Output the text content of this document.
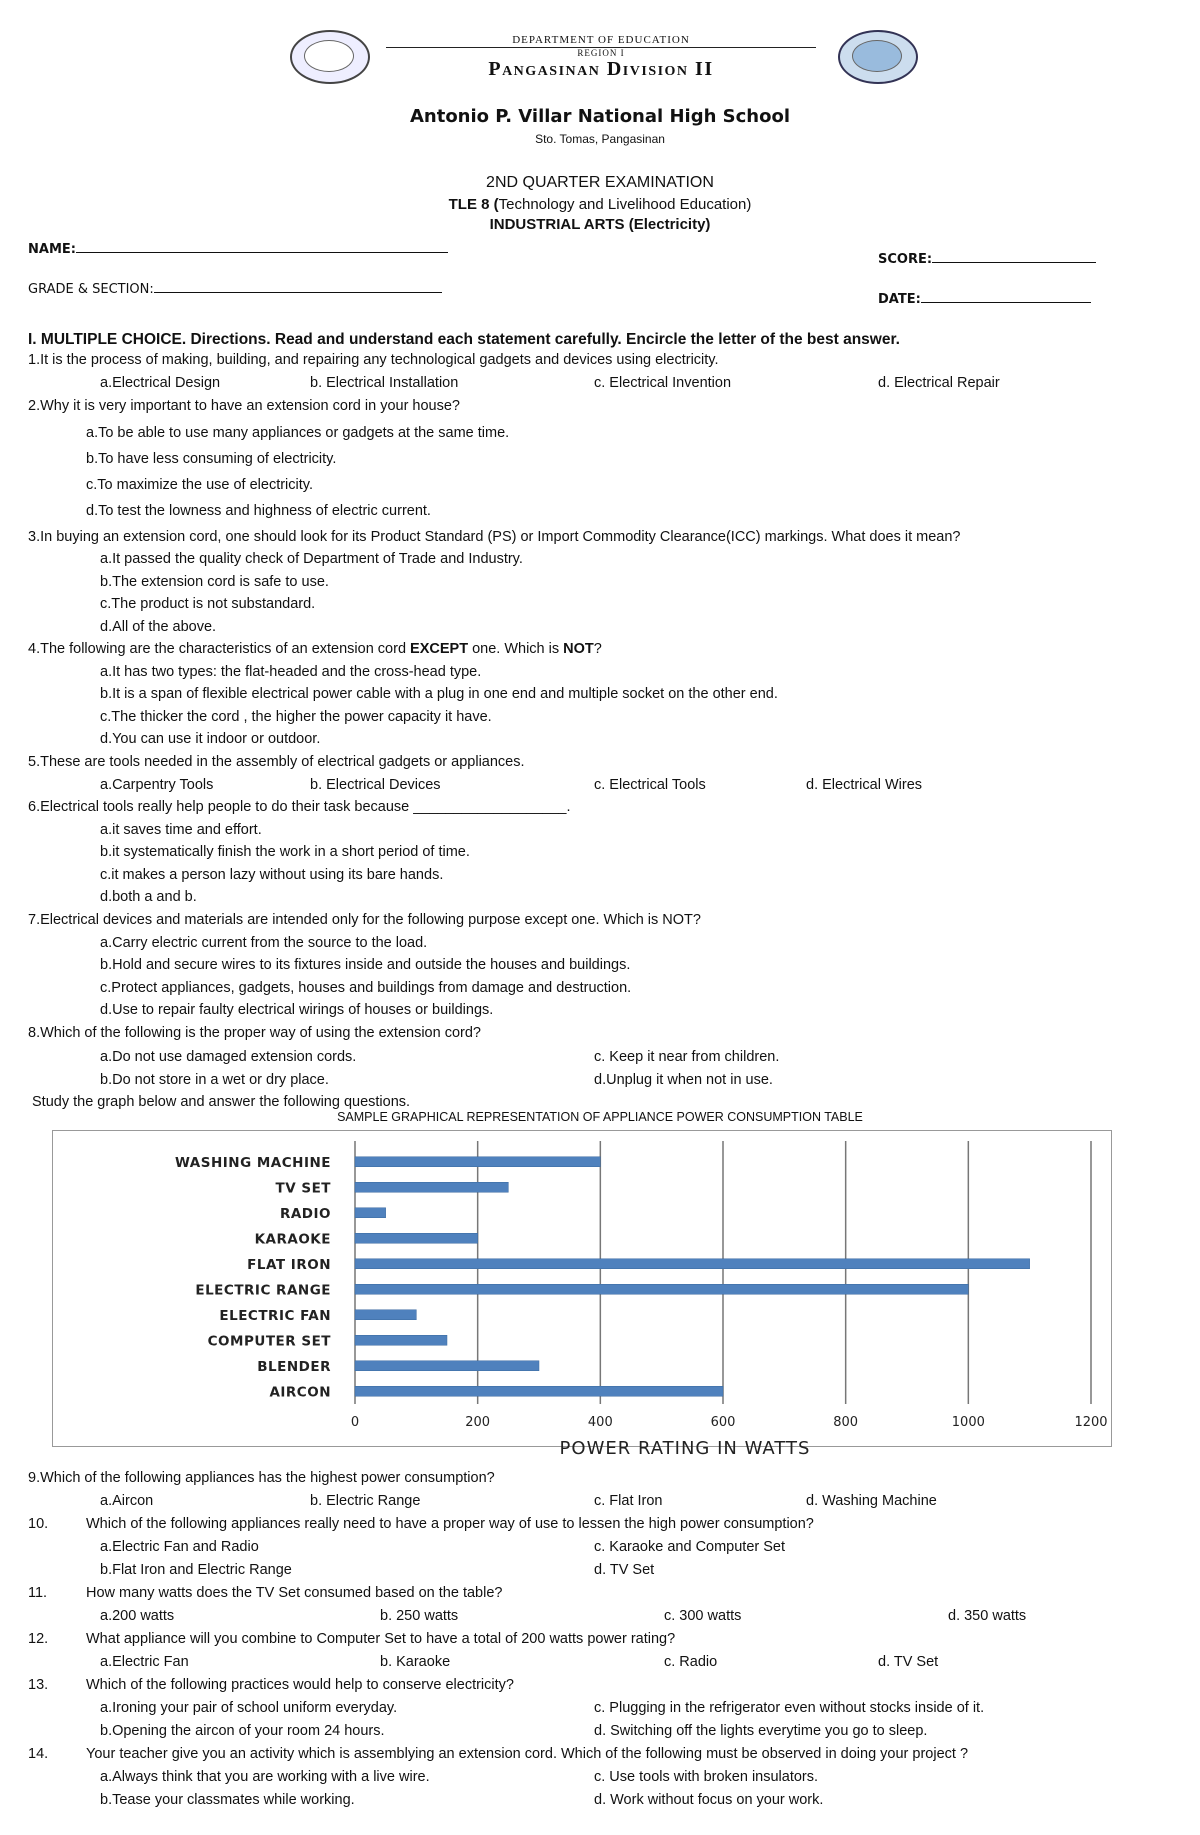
DEPARTMENT OF EDUCATION
REGION I
Pangasinan Division II
Antonio P. Villar National High School
Sto. Tomas, Pangasinan
2ND QUARTER EXAMINATION
TLE 8 (Technology and Livelihood Education)
INDUSTRIAL ARTS (Electricity)
NAME:
GRADE & SECTION:
SCORE:
DATE:
I. MULTIPLE CHOICE. Directions. Read and understand each statement carefully. Encircle the letter of the best answer.
1.It is the process of making, building, and repairing any technological gadgets and devices using electricity.
a.Electrical Design	b. Electrical Installation	c. Electrical Invention	d. Electrical Repair
2.Why it is very important to have an extension cord in your house?
a.To be able to use many appliances or gadgets at the same time.
b.To have less consuming of electricity.
c.To maximize the use of electricity.
d.To test the lowness and highness of electric current.
3.In buying an extension cord, one should look for its Product Standard (PS) or Import Commodity Clearance(ICC) markings. What does it mean?
a.It passed the quality check of Department of Trade and Industry.
b.The extension cord is safe to use.
c.The product is not substandard.
d.All of the above.
4.The following are the characteristics of an extension cord EXCEPT one. Which is NOT?
a.It has two types: the flat-headed and the cross-head type.
b.It is a span of flexible electrical power cable with a plug in one end and multiple socket on the other end.
c.The thicker the cord , the higher the power capacity it have.
d.You can use it indoor or outdoor.
5.These are tools needed in the assembly of electrical gadgets or appliances.
a.Carpentry Tools	b. Electrical Devices	c. Electrical Tools	d. Electrical Wires
6.Electrical tools really help people to do their task because ___________________.
a.it saves time and effort.
b.it systematically finish the work in a short period of time.
c.it makes a person lazy without using its bare hands.
d.both a and b.
7.Electrical devices and materials are intended only for the following purpose except one. Which is NOT?
a.Carry electric current from the source to the load.
b.Hold and secure wires to its fixtures inside and outside the houses and buildings.
c.Protect appliances, gadgets, houses and buildings from damage and destruction.
d.Use to repair faulty electrical wirings of houses or buildings.
8.Which of the following is the proper way of using the extension cord?
a.Do not use damaged extension cords.	c. Keep it near from children.
b.Do not store in a wet or dry place.	d.Unplug it when not in use.
Study the graph below and answer the following questions.
SAMPLE GRAPHICAL REPRESENTATION OF APPLIANCE POWER CONSUMPTION TABLE
0	200	400	600	800	1000	1200
WASHING MACHINE
TV SET
RADIO
KARAOKE
FLAT IRON
ELECTRIC RANGE
ELECTRIC FAN
COMPUTER SET
BLENDER
AIRCON
POWER RATING IN WATTS
9.Which of the following appliances has the highest power consumption?
a.Aircon	b. Electric Range	c. Flat Iron	d. Washing Machine
10.	Which of the following appliances really need to have a proper way of use to lessen the high power consumption?
a.Electric Fan and Radio	c. Karaoke and Computer Set
b.Flat Iron and Electric Range	d. TV Set
11.	How many watts does the TV Set consumed based on the table?
a.200 watts	b. 250 watts	c. 300 watts	d. 350 watts
12.	What appliance will you combine to Computer Set to have a total of 200 watts power rating?
a.Electric Fan	b. Karaoke	c. Radio	d. TV Set
13.	Which of the following practices would help to conserve electricity?
a.Ironing your pair of school uniform everyday.	c. Plugging in the refrigerator even without stocks inside of it.
b.Opening the aircon of your room 24 hours.	d. Switching off the lights everytime you go to sleep.
14.	Your teacher give you an activity which is assemblying an extension cord. Which of the following must be observed in doing your project ?
a.Always think that you are working with a live wire.	c. Use tools with broken insulators.
b.Tease your classmates while working.	d. Work without focus on your work.
